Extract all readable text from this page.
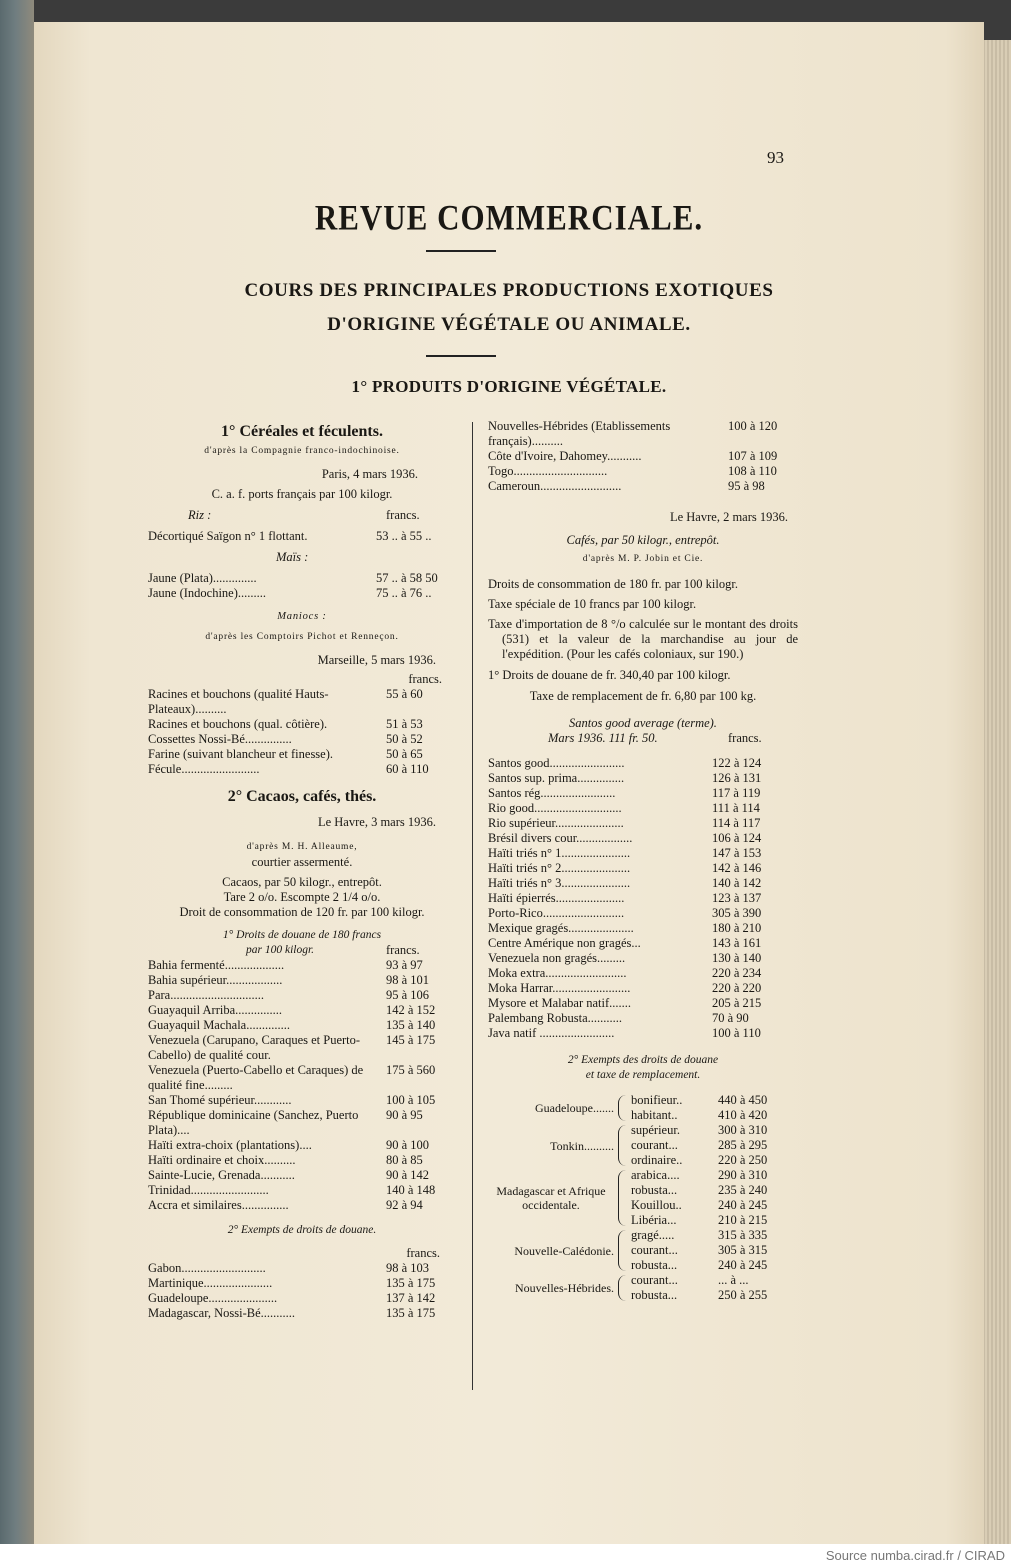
93
REVUE COMMERCIALE.
COURS DES PRINCIPALES PRODUCTIONS EXOTIQUES
D'ORIGINE VÉGÉTALE OU ANIMALE.
1° PRODUITS D'ORIGINE VÉGÉTALE.
1° Céréales et féculents.
d'après la Compagnie franco-indochinoise.
Paris, 4 mars 1936.
C. a. f. ports français par 100 kilogr.
Riz :	francs.
Décortiqué Saïgon n° 1 flottant.	53 .. à 55 ..
Maïs :
Jaune (Plata)..............	57 .. à 58 50
Jaune (Indochine).........	75 .. à 76 ..
Maniocs :
d'après les Comptoirs Pichot et Renneçon.
Marseille, 5 mars 1936.
francs.
Racines et bouchons (qualité Hauts-Plateaux)..........
55 à 60
Racines et bouchons (qual. côtière).	51 à 53
Cossettes Nossi-Bé...............	50 à 52
Farine (suivant blancheur et finesse).	50 à 65
Fécule.........................	60 à 110
2° Cacaos, cafés, thés.
Le Havre, 3 mars 1936.
d'après M. H. Alleaume,
courtier assermenté.
Cacaos, par 50 kilogr., entrepôt.
Tare 2 o/o. Escompte 2 1/4 o/o.
Droit de consommation de 120 fr. par 100 kilogr.
1° Droits de douane de 180 francs
par 100 kilogr.	francs.
Bahia fermenté...................	93 à 97
Bahia supérieur..................	98 à 101
Para..............................	95 à 106
Guayaquil Arriba...............	142 à 152
Guayaquil Machala..............	135 à 140
Venezuela (Carupano, Caraques et Puerto-Cabello) de qualité cour.
145 à 175
Venezuela (Puerto-Cabello et Caraques) de qualité fine.........
175 à 560
San Thomé supérieur............	100 à 105
République dominicaine (Sanchez, Puerto Plata)....
90 à 95
Haïti extra-choix (plantations)....	90 à 100
Haïti ordinaire et choix..........	80 à 85
Sainte-Lucie, Grenada...........	90 à 142
Trinidad.........................	140 à 148
Accra et similaires...............	92 à 94
2° Exempts de droits de douane.
francs.
Gabon...........................	98 à 103
Martinique......................	135 à 175
Guadeloupe......................	137 à 142
Madagascar, Nossi-Bé...........	135 à 175
Nouvelles-Hébrides (Etablissements français)..........
100 à 120
Côte d'Ivoire, Dahomey...........	107 à 109
Togo..............................	108 à 110
Cameroun..........................	95 à 98
Le Havre, 2 mars 1936.
Cafés, par 50 kilogr., entrepôt.
d'après M. P. Jobin et Cie.
Droits de consommation de 180 fr. par 100 kilogr.
Taxe spéciale de 10 francs par 100 kilogr.
Taxe d'importation de 8 °/o calculée sur le montant des droits (531) et la valeur de la marchandise au jour de l'expédition. (Pour les cafés coloniaux, sur 190.)
1° Droits de douane de fr. 340,40 par 100 kilogr.
Taxe de remplacement de fr. 6,80 par 100 kg.
Santos good average (terme).
Mars 1936. 111 fr. 50.	francs.
Santos good........................	122 à 124
Santos sup. prima...............	126 à 131
Santos rég........................	117 à 119
Rio good............................	111 à 114
Rio supérieur......................	114 à 117
Brésil divers cour..................	106 à 124
Haïti triés n° 1......................	147 à 153
Haïti triés n° 2......................	142 à 146
Haïti triés n° 3......................	140 à 142
Haïti épierrés......................	123 à 137
Porto-Rico..........................	305 à 390
Mexique gragés.....................	180 à 210
Centre Amérique non gragés...	143 à 161
Venezuela non gragés.........	130 à 140
Moka extra..........................	220 à 234
Moka Harrar.........................	220 à 220
Mysore et Malabar natif.......	205 à 215
Palembang Robusta...........	70 à 90
Java natif ........................	100 à 110
2° Exempts des droits de douane
et taxe de remplacement.
Guadeloupe.......
bonifieur..	440 à 450
habitant..	410 à 420
Tonkin..........
supérieur.	300 à 310
courant...	285 à 295
ordinaire..	220 à 250
Madagascar et Afrique occidentale.
arabica....	290 à 310
robusta...	235 à 240
Kouillou..	240 à 245
Libéria...	210 à 215
Nouvelle-Calédonie.
gragé.....	315 à 335
courant...	305 à 315
robusta...	240 à 245
Nouvelles-Hébrides.
courant...	... à ...
robusta...	250 à 255
Source numba.cirad.fr / CIRAD
